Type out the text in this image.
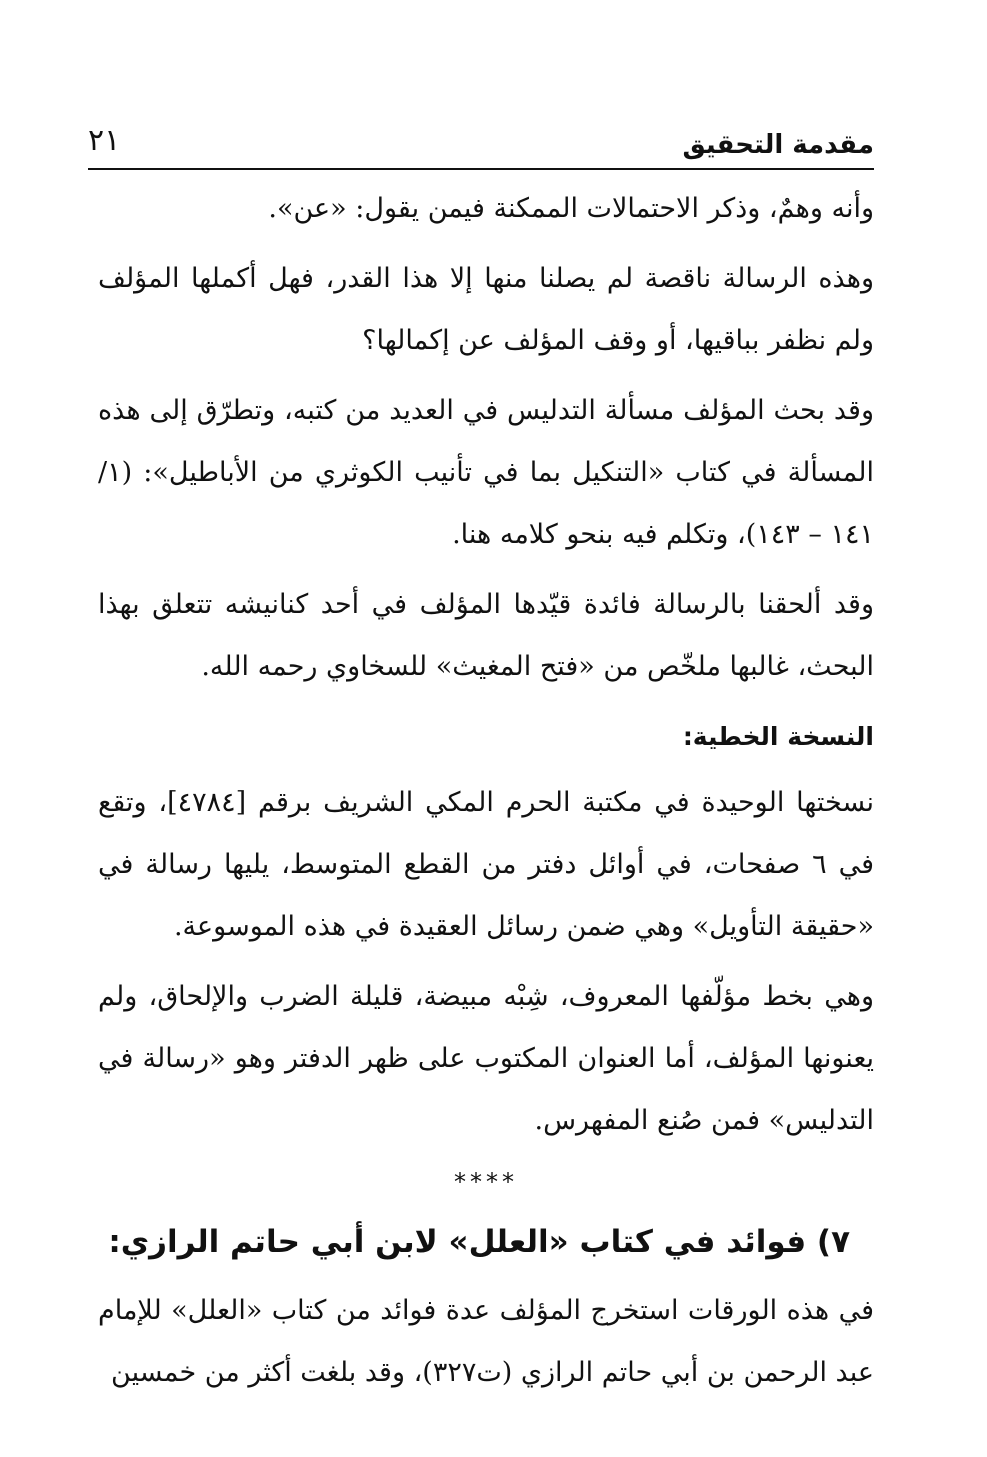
مقدمة التحقيق
٢١

وأنه وهمٌ، وذكر الاحتمالات الممكنة فيمن يقول: «عن».

وهذه الرسالة ناقصة لم يصلنا منها إلا هذا القدر، فهل أكملها المؤلف ولم نظفر بباقيها، أو وقف المؤلف عن إكمالها؟

وقد بحث المؤلف مسألة التدليس في العديد من كتبه، وتطرّق إلى هذه المسألة في كتاب «التنكيل بما في تأنيب الكوثري من الأباطيل»: (١/ ١٤١ – ١٤٣)، وتكلم فيه بنحو كلامه هنا.

وقد ألحقنا بالرسالة فائدة قيّدها المؤلف في أحد كنانيشه تتعلق بهذا البحث، غالبها ملخّص من «فتح المغيث» للسخاوي رحمه الله.

النسخة الخطية:

نسختها الوحيدة في مكتبة الحرم المكي الشريف برقم [٤٧٨٤]، وتقع في ٦ صفحات، في أوائل دفتر من القطع المتوسط، يليها رسالة في «حقيقة التأويل» وهي ضمن رسائل العقيدة في هذه الموسوعة.

وهي بخط مؤلّفها المعروف، شِبْه مبيضة، قليلة الضرب والإلحاق، ولم يعنونها المؤلف، أما العنوان المكتوب على ظهر الدفتر وهو «رسالة في التدليس» فمن صُنع المفهرس.

****
٧) فوائد في كتاب «العلل» لابن أبي حاتم الرازي:

في هذه الورقات استخرج المؤلف عدة فوائد من كتاب «العلل» للإمام عبد الرحمن بن أبي حاتم الرازي (ت٣٢٧)، وقد بلغت أكثر من خمسين
